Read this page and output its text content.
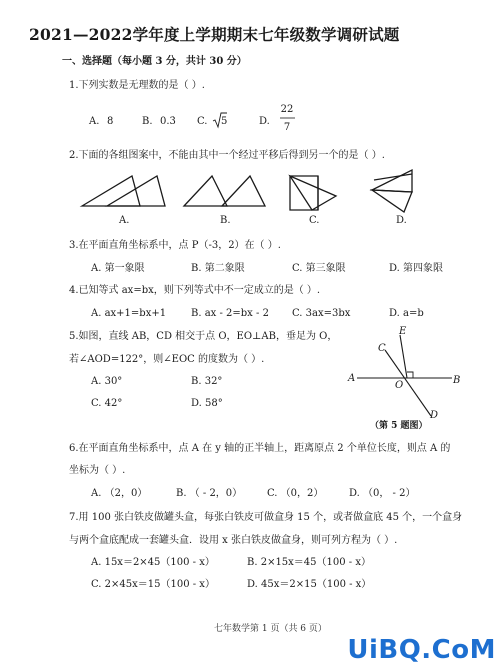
2021—2022学年度上学期期末七年级数学调研试题
一、选择题（每小题 3 分，共计 30 分）
1.下列实数是无理数的是（ ）.
A. 8	B. 0.3̇ C. 5	D.
22
7
2.下面的各组图案中，不能由其中一个经过平移后得到另一个的是（ ）.
A.	B.	C.	D.
3.在平面直角坐标系中，点 P（-3，2）在（ ）.
A. 第一象限	B. 第二象限	C. 第三象限	D. 第四象限
4.已知等式 ax=bx，则下列等式中不一定成立的是（ ）.
A. ax+1=bx+1 B. ax - 2=bx - 2 C. 3ax=3bx	D. a=b
5.如图，直线 AB，CD 相交于点 O，EO⊥AB，垂足为 O，
若∠AOD=122°，则∠EOC 的度数为（ ）.
A. 30°	B. 32°
C. 42°	D. 58°
A	B
C
D
E
O
（第 5 题图）
6.在平面直角坐标系中，点 A 在 y 轴的正半轴上，距离原点 2 个单位长度，则点 A 的
坐标为（ ）.
A. （2，0）	B. （ - 2，0） C. （0，2）	D. （0， - 2）
7.用 100 张白铁皮做罐头盒，每张白铁皮可做盒身 15 个，或者做盒底 45 个，一个盒身
与两个盒底配成一套罐头盒．设用 x 张白铁皮做盒身，则可列方程为（ ）.
A. 15x＝2×45（100 - x）	B. 2×15x＝45（100 - x）
C. 2×45x＝15（100 - x）	D. 45x＝2×15（100 - x）
七年数学第 1 页（共 6 页）
UiBQ.CoM
